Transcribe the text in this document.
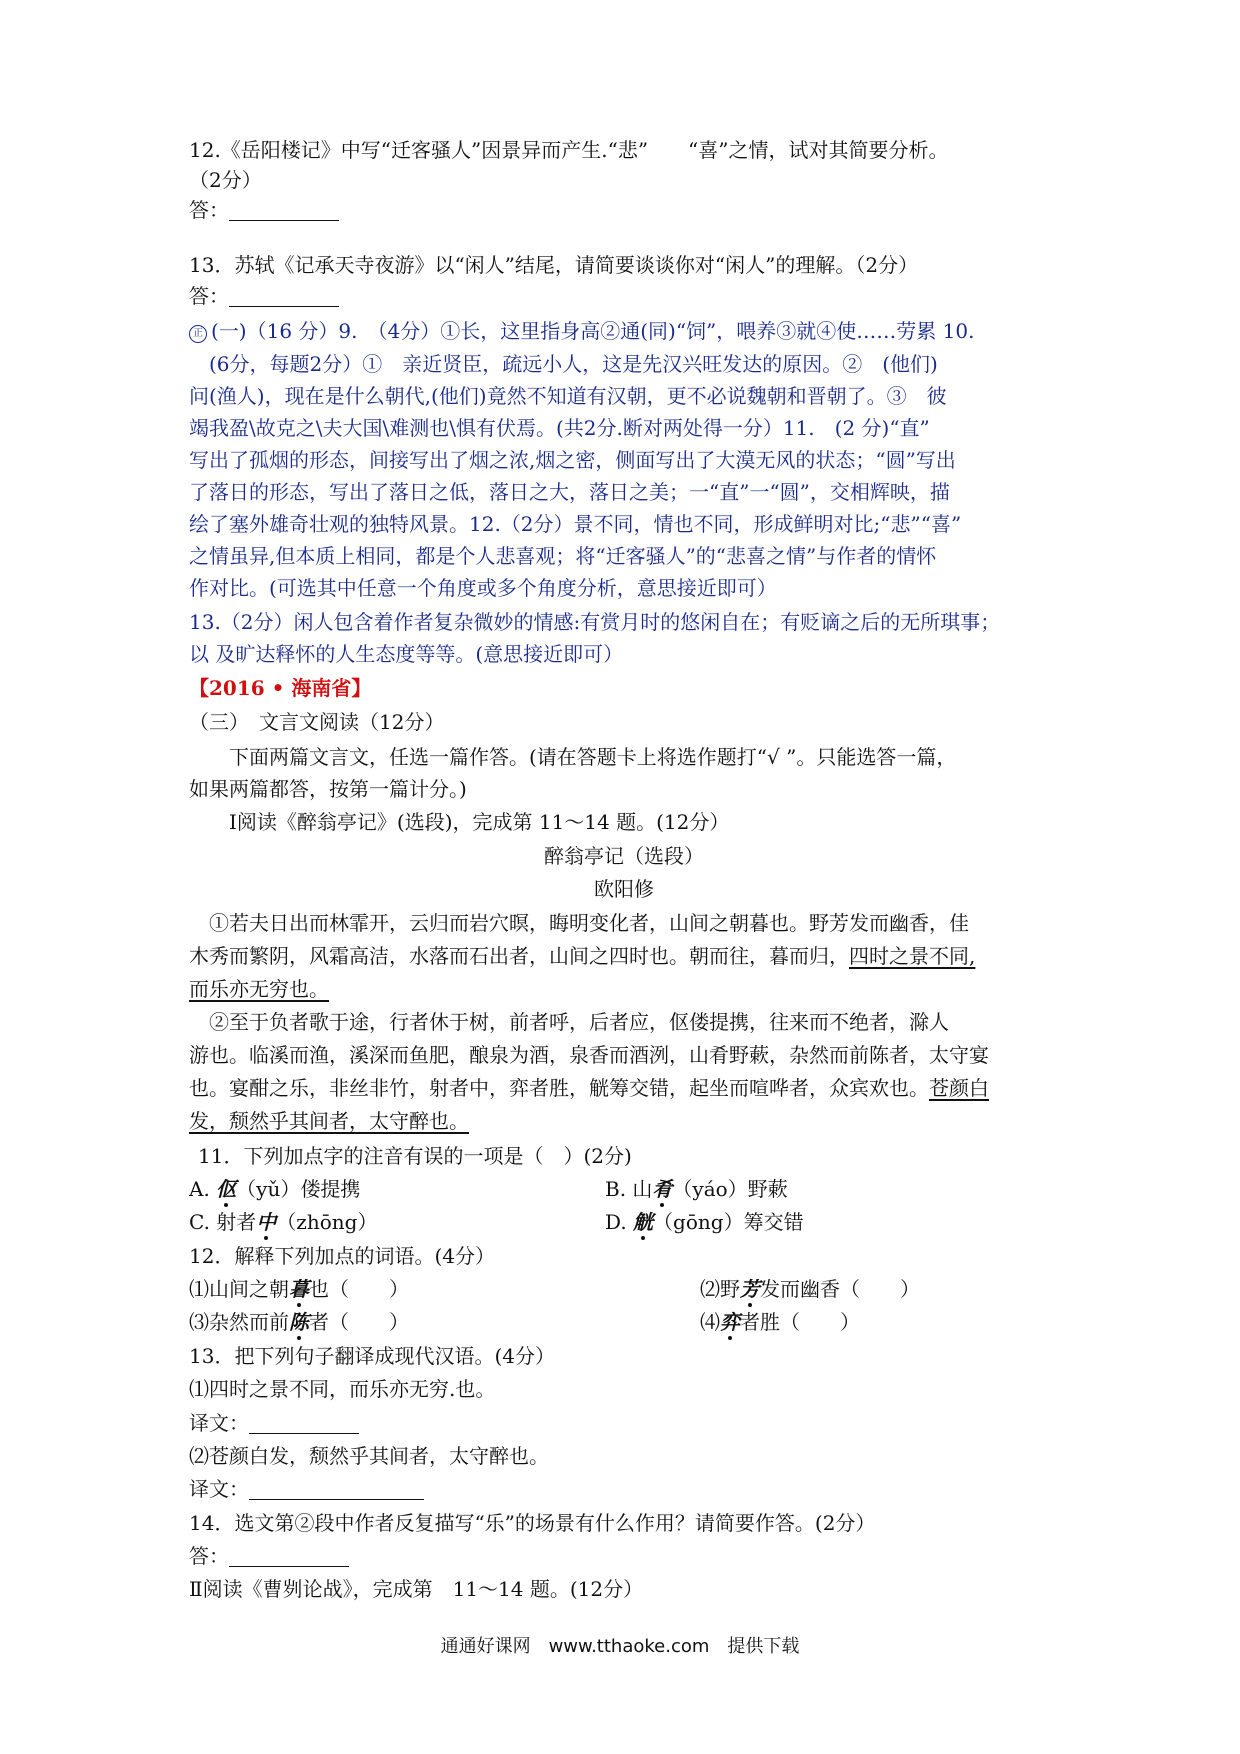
12.《岳阳楼记》中写“迁客骚人”因景异而产生.“悲”　　“喜”之情，试对其简要分析。
（2分）
答：
13．苏轼《记承天寺夜游》以“闲人”结尾，请简要谈谈你对“闲人”的理解。（2分）
答：
正 (一)（16 分）9.　（4分）①长，这里指身高②通(同)“饲”，喂养③就④使……劳累 10.
　(6分，每题2分）①　亲近贤臣，疏远小人，这是先汉兴旺发达的原因。②　(他们)
问(渔人)，现在是什么朝代,(他们)竟然不知道有汉朝，更不必说魏朝和晋朝了。③　彼
竭我盈\故克之\夫大国\难测也\惧有伏焉。(共2分.断对两处得一分）11.　(2 分)“直”
写出了孤烟的形态，间接写出了烟之浓,烟之密，侧面写出了大漠无风的状态；“圆”写出
了落日的形态，写出了落日之低，落日之大，落日之美；一“直”一“圆”，交相辉映，描
绘了塞外雄奇壮观的独特风景。12.（2分）景不同，情也不同，形成鲜明对比;“悲”“喜”
之情虽异,但本质上相同，都是个人悲喜观；将“迁客骚人”的“悲喜之情”与作者的情怀
作对比。(可选其中任意一个角度或多个角度分析，意思接近即可）
13.（2分）闲人包含着作者复杂微妙的情感:有赏月时的悠闲自在；有贬谪之后的无所琪事；
以 及旷达释怀的人生态度等等。(意思接近即可）
【2016 • 海南省】
（三）　文言文阅读（12分）
　　下面两篇文言文，任选一篇作答。(请在答题卡上将选作题打“√ ”。只能选答一篇，
如果两篇都答，按第一篇计分。)
　　Ⅰ阅读《醉翁亭记》(选段)，完成第 11～14 题。(12分）
醉翁亭记（选段）
欧阳修
　①若夫日出而林霏开，云归而岩穴暝，晦明变化者，山间之朝暮也。野芳发而幽香，佳
木秀而繁阴，风霜高洁，水落而石出者，山间之四时也。朝而往，暮而归，四时之景不同,
而乐亦无穷也。
　②至于负者歌于途，行者休于树，前者呼，后者应，伛偻提携，往来而不绝者，滁人
游也。临溪而渔，溪深而鱼肥，酿泉为酒，泉香而酒洌，山肴野蔌，杂然而前陈者，太守宴
也。宴酣之乐，非丝非竹，射者中，弈者胜，觥筹交错，起坐而喧哗者，众宾欢也。苍颜白
发，颓然乎其间者，太守醉也。
11．下列加点字的注音有误的一项是（　）(2分)
A. 伛（yǔ）偻提携	B. 山肴（yáo）野蔌
C. 射者中（zhōng）	D. 觥（gōng）筹交错
12．解释下列加点的词语。(4分）
⑴山间之朝暮也（　　）	⑵野芳发而幽香（　　）
⑶杂然而前陈者（　　）	⑷弈者胜（　　）
13．把下列句子翻译成现代汉语。(4分）
⑴四时之景不同，而乐亦无穷.也。
译文：
⑵苍颜白发，颓然乎其间者，太守醉也。
译文：
14．选文第②段中作者反复描写“乐”的场景有什么作用？请简要作答。(2分）
答：
Ⅱ阅读《曹刿论战》，完成第　11～14 题。(12分）
通通好课网　www.tthaoke.com　提供下载
